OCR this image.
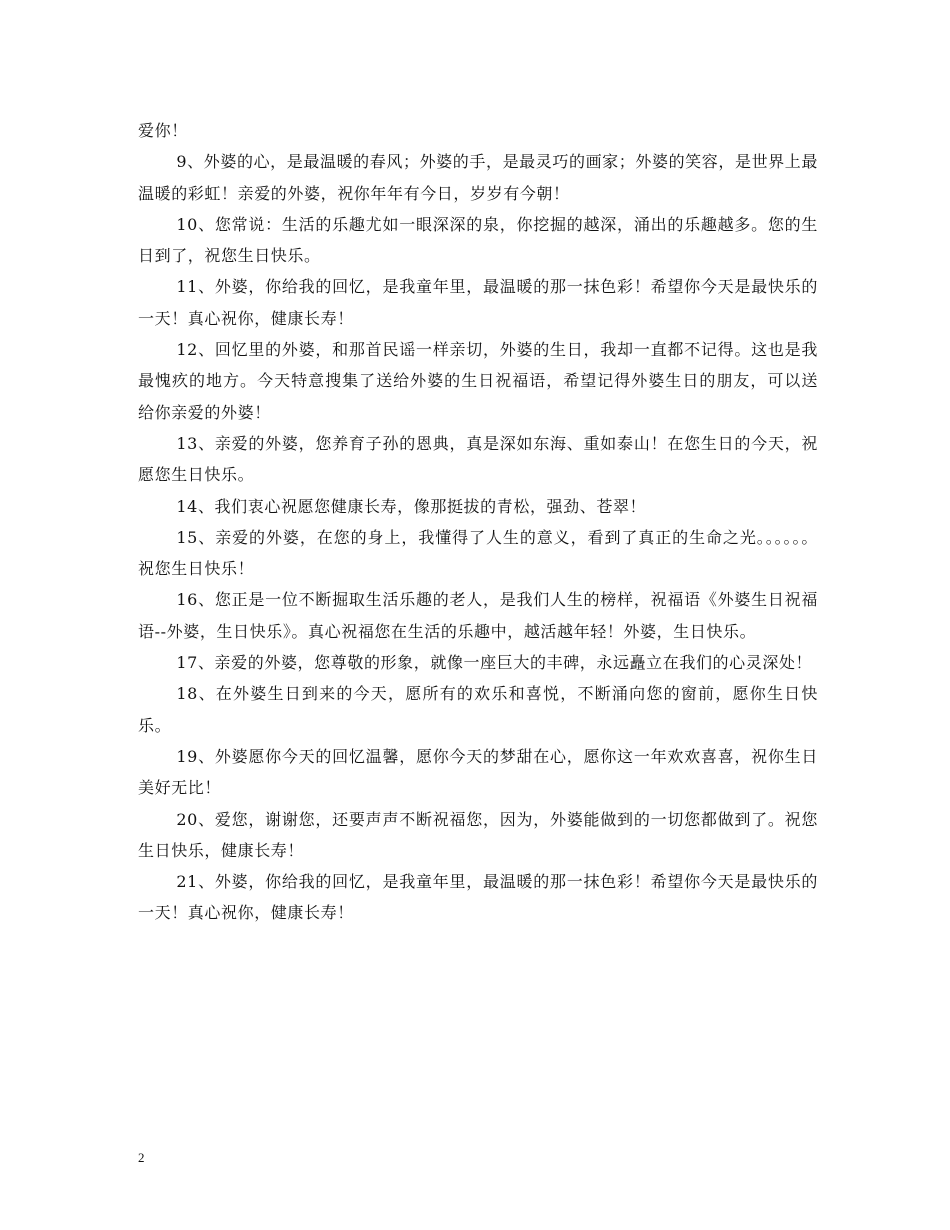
爱你！

9、外婆的心，是最温暖的春风；外婆的手，是最灵巧的画家；外婆的笑容，是世界上最温暖的彩虹！亲爱的外婆，祝你年年有今日，岁岁有今朝！

10、您常说：生活的乐趣尤如一眼深深的泉，你挖掘的越深，涌出的乐趣越多。您的生日到了，祝您生日快乐。

11、外婆，你给我的回忆，是我童年里，最温暖的那一抹色彩！希望你今天是最快乐的一天！真心祝你，健康长寿！

12、回忆里的外婆，和那首民谣一样亲切，外婆的生日，我却一直都不记得。这也是我最愧疚的地方。今天特意搜集了送给外婆的生日祝福语，希望记得外婆生日的朋友，可以送给你亲爱的外婆！

13、亲爱的外婆，您养育子孙的恩典，真是深如东海、重如泰山！在您生日的今天，祝愿您生日快乐。

14、我们衷心祝愿您健康长寿，像那挺拔的青松，强劲、苍翠！

15、亲爱的外婆，在您的身上，我懂得了人生的意义，看到了真正的生命之光。。。。。。祝您生日快乐！

16、您正是一位不断掘取生活乐趣的老人，是我们人生的榜样，祝福语《外婆生日祝福语--外婆，生日快乐》。真心祝福您在生活的乐趣中，越活越年轻！外婆，生日快乐。

17、亲爱的外婆，您尊敬的形象，就像一座巨大的丰碑，永远矗立在我们的心灵深处！

18、在外婆生日到来的今天，愿所有的欢乐和喜悦，不断涌向您的窗前，愿你生日快乐。

19、外婆愿你今天的回忆温馨，愿你今天的梦甜在心，愿你这一年欢欢喜喜，祝你生日美好无比！

20、爱您，谢谢您，还要声声不断祝福您，因为，外婆能做到的一切您都做到了。祝您生日快乐，健康长寿！

21、外婆，你给我的回忆，是我童年里，最温暖的那一抹色彩！希望你今天是最快乐的一天！真心祝你，健康长寿！

2
